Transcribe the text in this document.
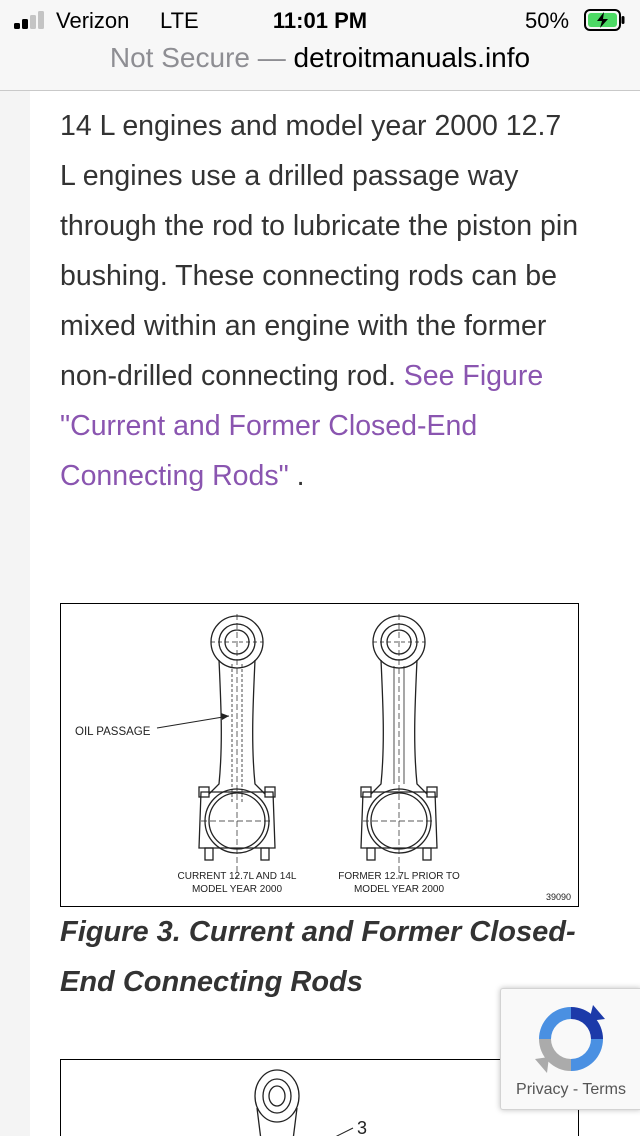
Verizon LTE	11:01 PM	50%
Not Secure — detroitmanuals.info
14 L engines and model year 2000 12.7 L engines use a drilled passage way through the rod to lubricate the piston pin bushing. These connecting rods can be mixed within an engine with the former non-drilled connecting rod. See Figure "Current and Former Closed-End Connecting Rods" .
OIL PASSAGE
CURRENT 12.7L AND 14L
MODEL YEAR 2000
FORMER 12.7L PRIOR TO
MODEL YEAR 2000
39090
Figure 3. Current and Former Closed-End Connecting Rods
3
Privacy - Terms
